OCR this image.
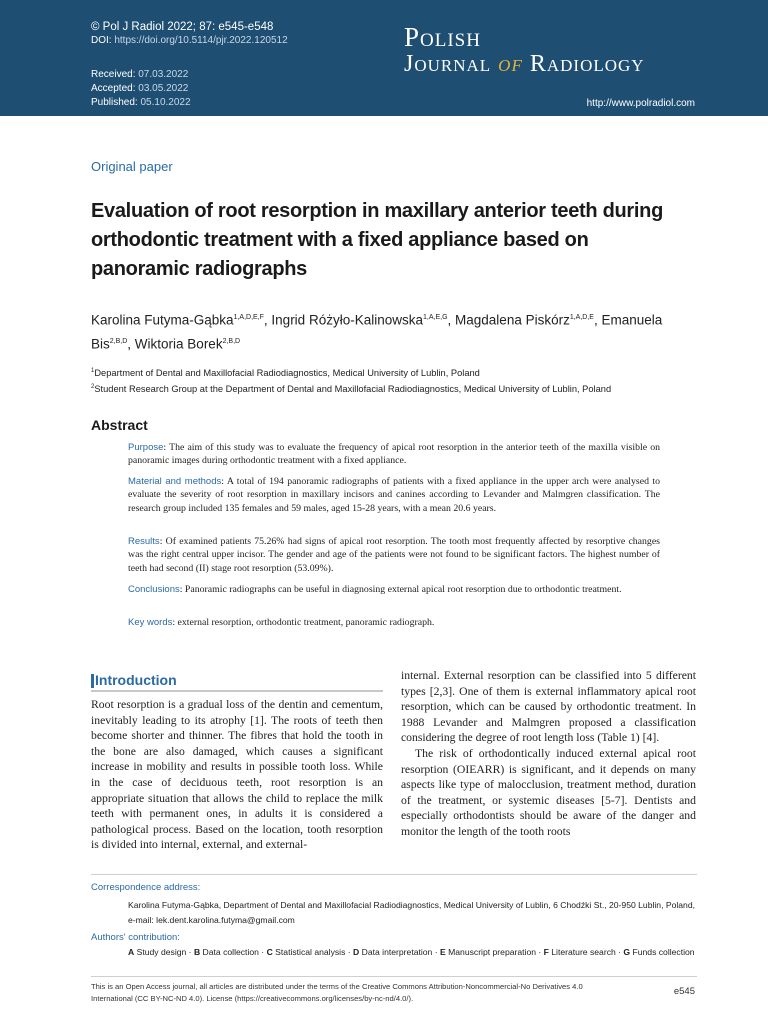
© Pol J Radiol 2022; 87: e545-e548
DOI: https://doi.org/10.5114/pjr.2022.120512
Received: 07.03.2022
Accepted: 03.05.2022
Published: 05.10.2022
Polish
Journal of Radiology
http://www.polradiol.com
Original paper
Evaluation of root resorption in maxillary anterior teeth during orthodontic treatment with a fixed appliance based on panoramic radiographs
Karolina Futyma-Gąbka$^{1,A,D,E,F}$, Ingrid Różyło-Kalinowska$^{1,A,E,G}$, Magdalena Piskórz$^{1,A,D,E}$, Emanuela Bis$^{2,B,D}$, Wiktoria Borek$^{2,B,D}$
$^1$Department of Dental and Maxillofacial Radiodiagnostics, Medical University of Lublin, Poland
$^2$Student Research Group at the Department of Dental and Maxillofacial Radiodiagnostics, Medical University of Lublin, Poland
Abstract
Purpose: The aim of this study was to evaluate the frequency of apical root resorption in the anterior teeth of the maxilla visible on panoramic images during orthodontic treatment with a fixed appliance.
Material and methods: A total of 194 panoramic radiographs of patients with a fixed appliance in the upper arch were analysed to evaluate the severity of root resorption in maxillary incisors and canines according to Levander and Malmgren classification. The research group included 135 females and 59 males, aged 15-28 years, with a mean 20.6 years.
Results: Of examined patients 75.26% had signs of apical root resorption. The tooth most frequently affected by resorptive changes was the right central upper incisor. The gender and age of the patients were not found to be significant factors. The highest number of teeth had second (II) stage root resorption (53.09%).
Conclusions: Panoramic radiographs can be useful in diagnosing external apical root resorption due to orthodontic treatment.
Key words: external resorption, orthodontic treatment, panoramic radiograph.
Introduction

Root resorption is a gradual loss of the dentin and cementum, inevitably leading to its atrophy [1]. The roots of teeth then become shorter and thinner. The fibres that hold the tooth in the bone are also damaged, which causes a significant increase in mobility and results in possible tooth loss. While in the case of deciduous teeth, root resorption is an appropriate situation that allows the child to replace the milk teeth with permanent ones, in adults it is considered a pathological process. Based on the location, tooth resorption is divided into internal, external, and external-

internal. External resorption can be classified into 5 different types [2,3]. One of them is external inflammatory apical root resorption, which can be caused by orthodontic treatment. In 1988 Levander and Malmgren proposed a classification considering the degree of root length loss (Table 1) [4].

The risk of orthodontically induced external apical root resorption (OIEARR) is significant, and it depends on many aspects like type of malocclusion, treatment method, duration of the treatment, or systemic diseases [5-7]. Dentists and especially orthodontists should be aware of the danger and monitor the length of the tooth roots

Correspondence address:
Karolina Futyma-Gąbka, Department of Dental and Maxillofacial Radiodiagnostics, Medical University of Lublin, 6 Chodźki St., 20-950 Lublin, Poland,
e-mail: lek.dent.karolina.futyma@gmail.com
Authors' contribution:
A Study design · B Data collection · C Statistical analysis · D Data interpretation · E Manuscript preparation · F Literature search · G Funds collection
This is an Open Access journal, all articles are distributed under the terms of the Creative Commons Attribution-Noncommercial-No Derivatives 4.0 International (CC BY-NC-ND 4.0). License (https://creativecommons.org/licenses/by-nc-nd/4.0/).
e545
